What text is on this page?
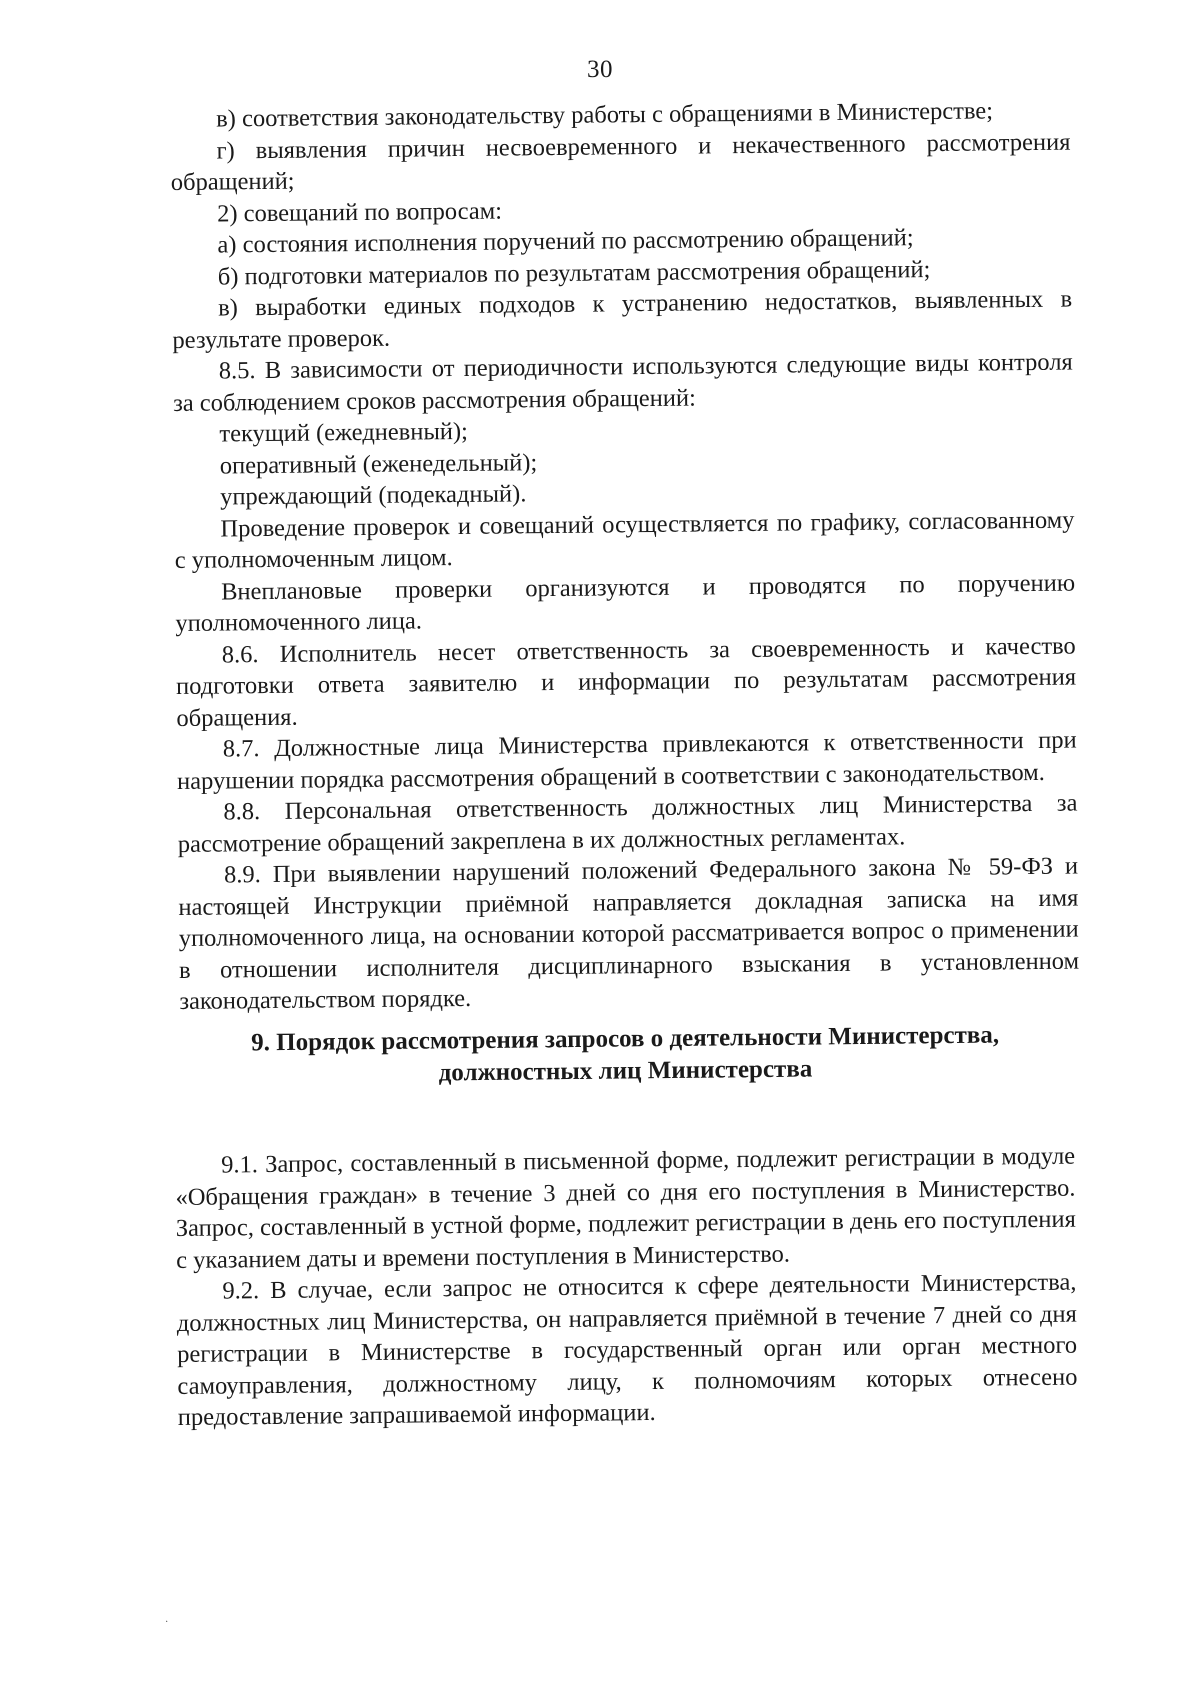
30

в) соответствия законодательству работы с обращениями в Министерстве;

г) выявления причин несвоевременного и некачественного рассмотрения обращений;

2) совещаний по вопросам:

а) состояния исполнения поручений по рассмотрению обращений;

б) подготовки материалов по результатам рассмотрения обращений;

в) выработки единых подходов к устранению недостатков, выявленных в результате проверок.

8.5. В зависимости от периодичности используются следующие виды контроля за соблюдением сроков рассмотрения обращений:

текущий (ежедневный);

оперативный (еженедельный);

упреждающий (подекадный).

Проведение проверок и совещаний осуществляется по графику, согласованному с уполномоченным лицом.

Внеплановые проверки организуются и проводятся по поручению уполномоченного лица.

8.6. Исполнитель несет ответственность за своевременность и качество подготовки ответа заявителю и информации по результатам рассмотрения обращения.

8.7. Должностные лица Министерства привлекаются к ответственности при нарушении порядка рассмотрения обращений в соответствии с законодательством.

8.8. Персональная ответственность должностных лиц Министерства за рассмотрение обращений закреплена в их должностных регламентах.

8.9. При выявлении нарушений положений Федерального закона № 59-ФЗ и настоящей Инструкции приёмной направляется докладная записка на имя уполномоченного лица, на основании которой рассматривается вопрос о применении в отношении исполнителя дисциплинарного взыскания в установленном законодательством порядке.

9. Порядок рассмотрения запросов о деятельности Министерства,
должностных лиц Министерства

9.1. Запрос, составленный в письменной форме, подлежит регистрации в модуле «Обращения граждан» в течение 3 дней со дня его поступления в Министерство. Запрос, составленный в устной форме, подлежит регистрации в день его поступления с указанием даты и времени поступления в Министерство.

9.2. В случае, если запрос не относится к сфере деятельности Министерства, должностных лиц Министерства, он направляется приёмной в течение 7 дней со дня регистрации в Министерстве в государственный орган или орган местного самоуправления, должностному лицу, к полномочиям которых отнесено предоставление запрашиваемой информации.

․
